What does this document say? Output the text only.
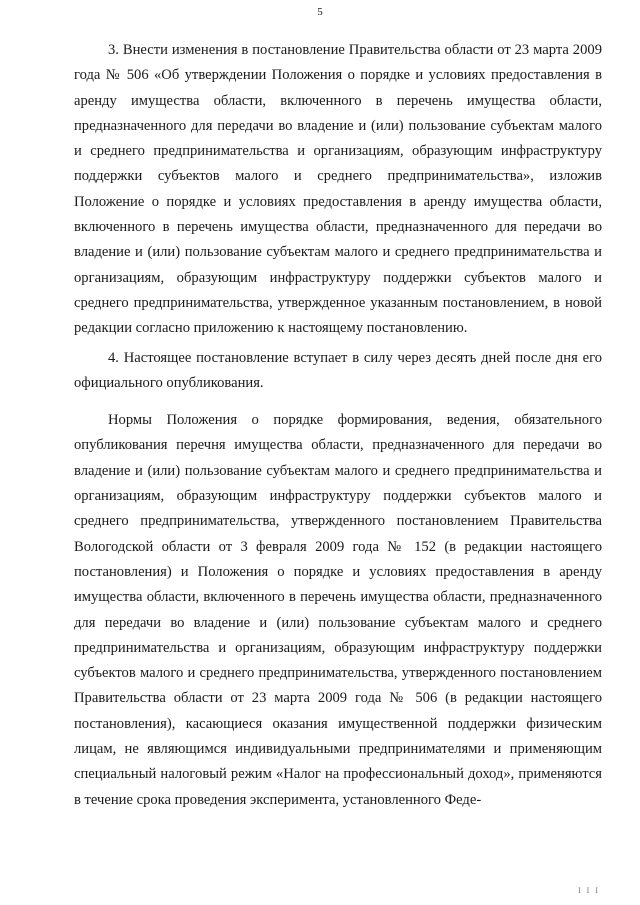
5

3. Внести изменения в постановление Правительства области от 23 марта 2009 года № 506 «Об утверждении Положения о порядке и условиях предоставления в аренду имущества области, включенного в перечень имущества области, предназначенного для передачи во владение и (или) пользование субъектам малого и среднего предпринимательства и организациям, образующим инфраструктуру поддержки субъектов малого и среднего предпринимательства», изложив Положение о порядке и условиях предоставления в аренду имущества области, включенного в перечень имущества области, предназначенного для передачи во владение и (или) пользование субъектам малого и среднего предпринимательства и организациям, образующим инфраструктуру поддержки субъектов малого и среднего предпринимательства, утвержденное указанным постановлением, в новой редакции согласно приложению к настоящему постановлению.

4. Настоящее постановление вступает в силу через десять дней после дня его официального опубликования.

Нормы Положения о порядке формирования, ведения, обязательного опубликования перечня имущества области, предназначенного для передачи во владение и (или) пользование субъектам малого и среднего предпринимательства и организациям, образующим инфраструктуру поддержки субъектов малого и среднего предпринимательства, утвержденного постановлением Правительства Вологодской области от 3 февраля 2009 года № 152 (в редакции настоящего постановления) и Положения о порядке и условиях предоставления в аренду имущества области, включенного в перечень имущества области, предназначенного для передачи во владение и (или) пользование субъектам малого и среднего предпринимательства и организациям, образующим инфраструктуру поддержки субъектов малого и среднего предпринимательства, утвержденного постановлением Правительства области от 23 марта 2009 года № 506 (в редакции настоящего постановления), касающиеся оказания имущественной поддержки физическим лицам, не являющимся индивидуальными предпринимателями и применяющим специальный налоговый режим «Налог на профессиональный доход», применяются в течение срока проведения эксперимента, установленного Феде-

I I I
